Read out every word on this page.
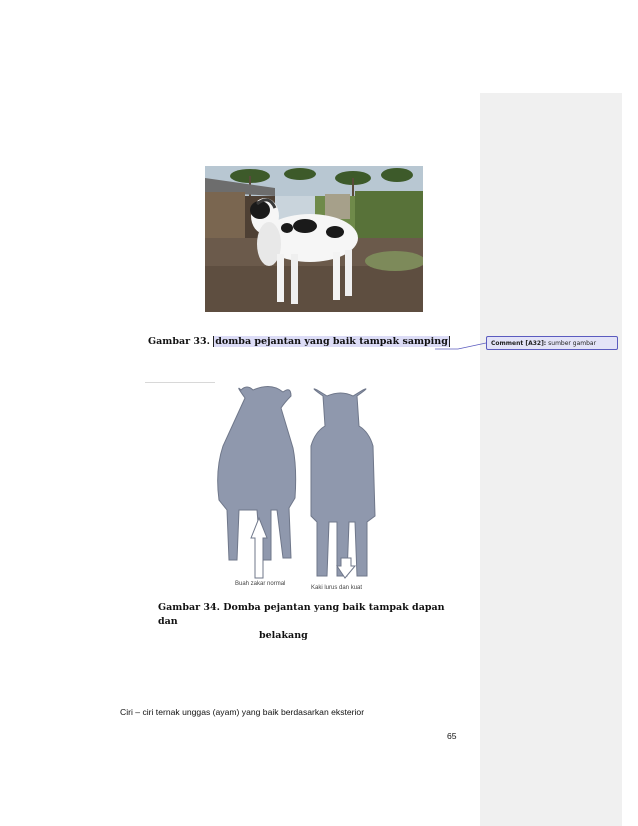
Gambar 33. domba pejantan yang baik tampak samping	Comment [A32]: sumber gambar
Buah zakar normal
Kaki lurus dan kuat
Gambar 34. Domba pejantan yang baik tampak dapan dan
belakang
Ciri – ciri ternak unggas (ayam) yang baik berdasarkan eksterior
65
